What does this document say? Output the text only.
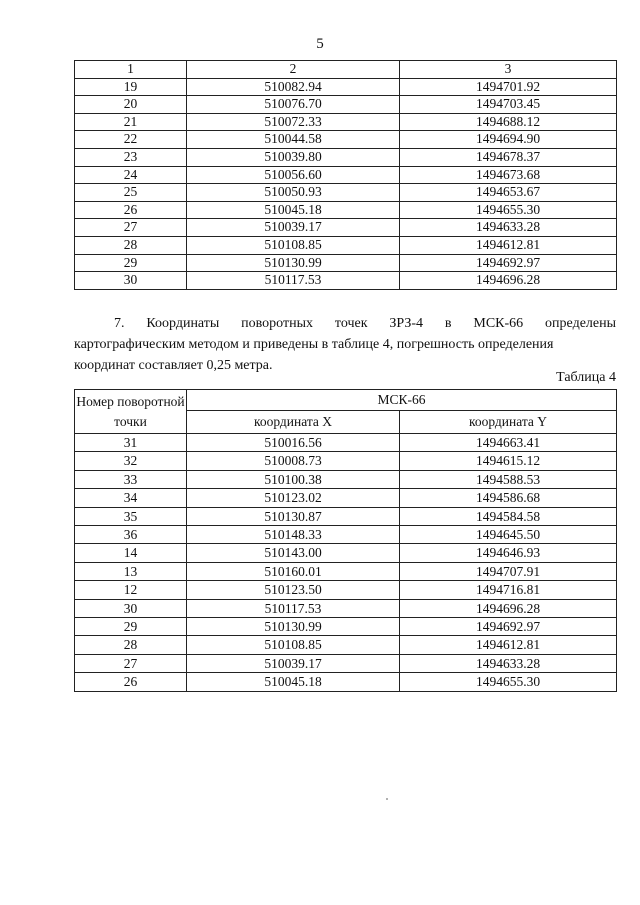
5
1	2	3
19	510082.94	1494701.92
20	510076.70	1494703.45
21	510072.33	1494688.12
22	510044.58	1494694.90
23	510039.80	1494678.37
24	510056.60	1494673.68
25	510050.93	1494653.67
26	510045.18	1494655.30
27	510039.17	1494633.28
28	510108.85	1494612.81
29	510130.99	1494692.97
30	510117.53	1494696.28
7. Координаты поворотных точек ЗРЗ-4 в МСК-66 определены
картографическим методом и приведены в таблице 4, погрешность определения
координат составляет 0,25 метра.
Таблица 4
Номер поворотной точки	МСК-66	
	координата X	координата Y
31	510016.56	1494663.41
32	510008.73	1494615.12
33	510100.38	1494588.53
34	510123.02	1494586.68
35	510130.87	1494584.58
36	510148.33	1494645.50
14	510143.00	1494646.93
13	510160.01	1494707.91
12	510123.50	1494716.81
30	510117.53	1494696.28
29	510130.99	1494692.97
28	510108.85	1494612.81
27	510039.17	1494633.28
26	510045.18	1494655.30
